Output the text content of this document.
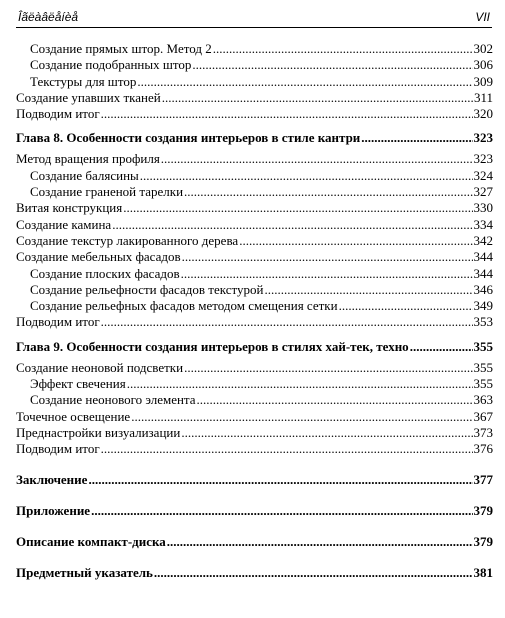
Îãëàâëåíèå	VII
Создание прямых штор. Метод 2 .....	302
Создание подобранных штор .....	306
Текстуры для штор .....	309
Создание упавших тканей .....	311
Подводим итог .....	320
Глава 8. Особенности создания интерьеров в стиле кантри .....	323
Метод вращения профиля .....	323
Создание балясины .....	324
Создание граненой тарелки .....	327
Витая конструкция .....	330
Создание камина .....	334
Создание текстур лакированного дерева .....	342
Создание мебельных фасадов .....	344
Создание плоских фасадов .....	344
Создание рельефности фасадов текстурой .....	346
Создание рельефных фасадов методом смещения сетки .....	349
Подводим итог .....	353
Глава 9. Особенности создания интерьеров в стилях хай-тек, техно .....	355
Создание неоновой подсветки .....	355
Эффект свечения .....	355
Создание неонового элемента .....	363
Точечное освещение .....	367
Преднастройки визуализации .....	373
Подводим итог .....	376
Заключение .....	377
Приложение .....	379
Описание компакт-диска .....	379
Предметный указатель .....	381
